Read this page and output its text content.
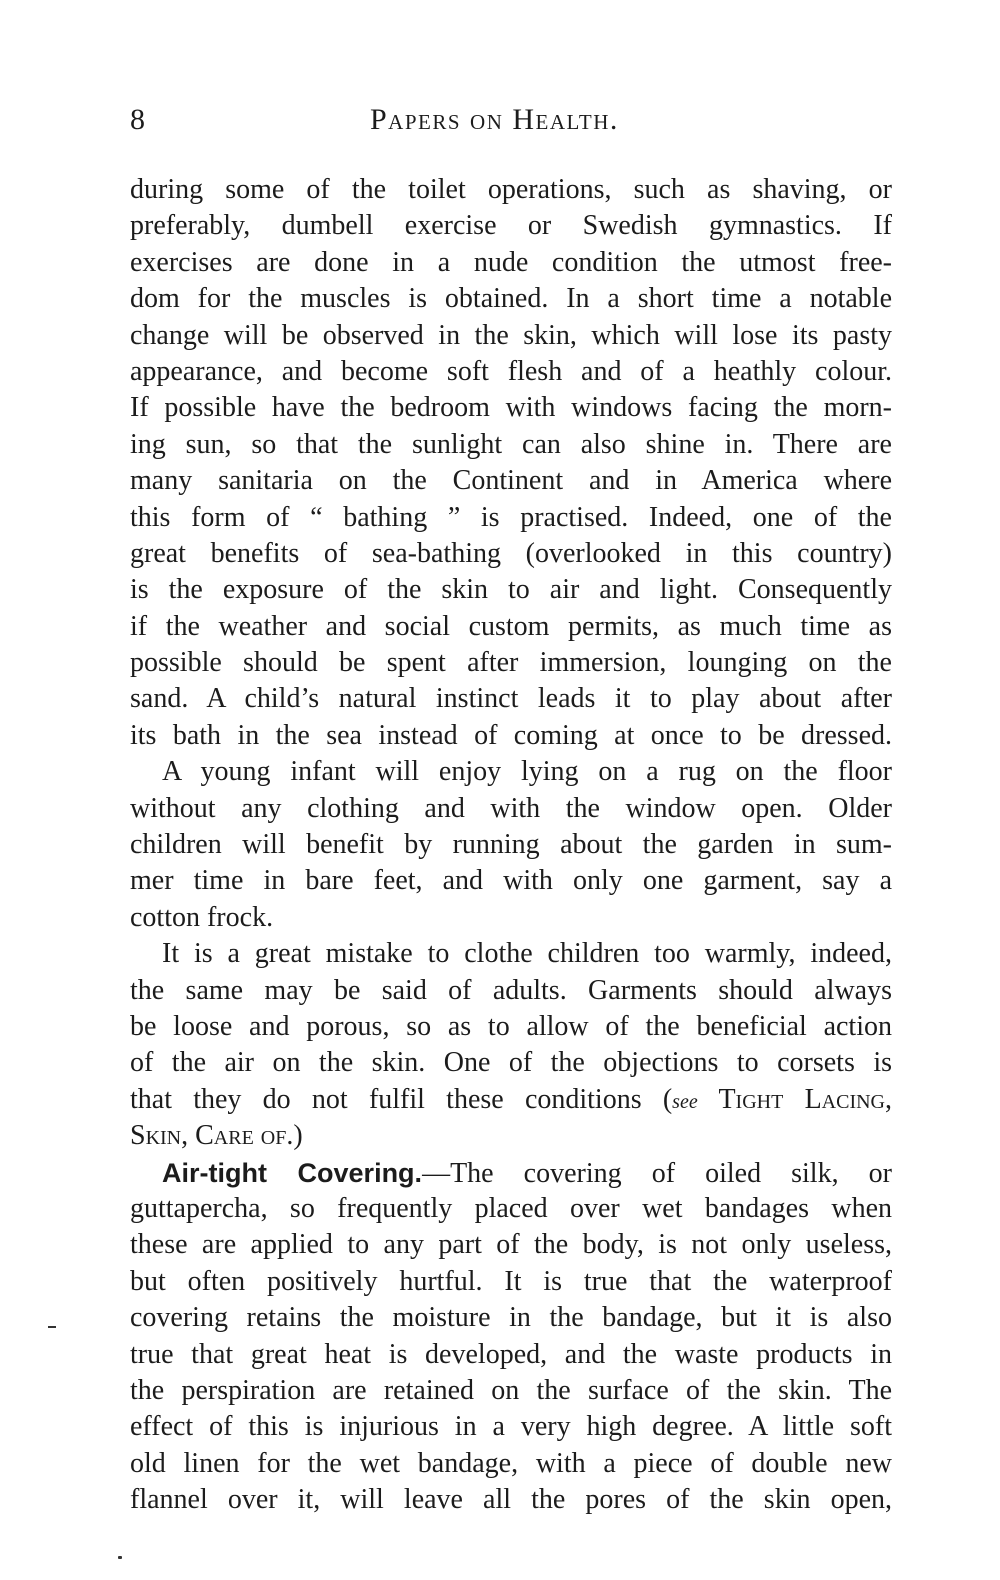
8	Papers on Health.
during some of the toilet operations, such as shaving, or
preferably, dumbell exercise or Swedish gymnastics. If
exercises are done in a nude condition the utmost free-
dom for the muscles is obtained. In a short time a notable
change will be observed in the skin, which will lose its pasty
appearance, and become soft flesh and of a heathly colour.
If possible have the bedroom with windows facing the morn-
ing sun, so that the sunlight can also shine in. There are
many sanitaria on the Continent and in America where
this form of “ bathing ” is practised. Indeed, one of the
great benefits of sea-bathing (overlooked in this country)
is the exposure of the skin to air and light. Consequently
if the weather and social custom permits, as much time as
possible should be spent after immersion, lounging on the
sand. A child’s natural instinct leads it to play about after
its bath in the sea instead of coming at once to be dressed.
A young infant will enjoy lying on a rug on the floor
without any clothing and with the window open. Older
children will benefit by running about the garden in sum-
mer time in bare feet, and with only one garment, say a
cotton frock.
It is a great mistake to clothe children too warmly, indeed,
the same may be said of adults. Garments should always
be loose and porous, so as to allow of the beneficial action
of the air on the skin. One of the objections to corsets is
that they do not fulfil these conditions (see Tight Lacing,
Skin, Care of.)
Air-tight Covering.—The covering of oiled silk, or
guttapercha, so frequently placed over wet bandages when
these are applied to any part of the body, is not only useless,
but often positively hurtful. It is true that the waterproof
covering retains the moisture in the bandage, but it is also
true that great heat is developed, and the waste products in
the perspiration are retained on the surface of the skin. The
effect of this is injurious in a very high degree. A little soft
old linen for the wet bandage, with a piece of double new
flannel over it, will leave all the pores of the skin open,
